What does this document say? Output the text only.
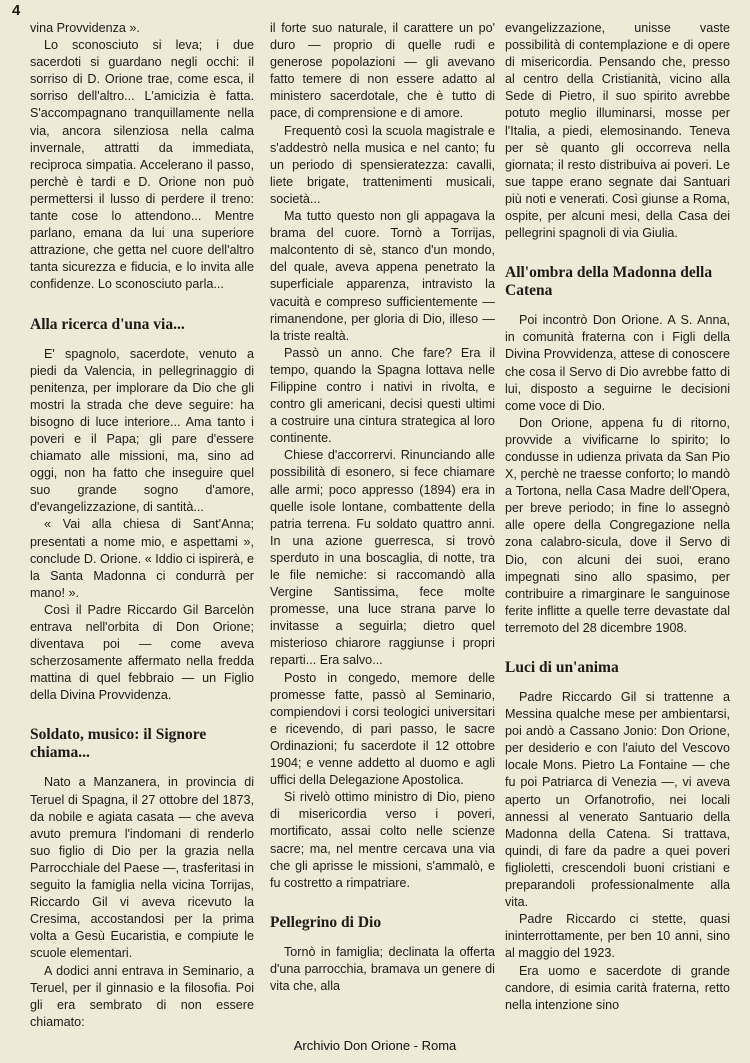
4

vina Provvidenza ».

Lo sconosciuto si leva; i due sacerdoti si guardano negli occhi: il sorriso di D. Orione trae, come esca, il sorriso dell'altro... L'amicizia è fatta. S'accompagnano tranquillamente nella via, ancora silenziosa nella calma invernale, attratti da immediata, reciproca simpatia. Accelerano il passo, perchè è tardi e D. Orione non può permettersi il lusso di perdere il treno: tante cose lo attendono... Mentre parlano, emana da lui una superiore attrazione, che getta nel cuore dell'altro tanta sicurezza e fiducia, e lo invita alle confidenze. Lo sconosciuto parla...

Alla ricerca d'una via...

E' spagnolo, sacerdote, venuto a piedi da Valencia, in pellegrinaggio di penitenza, per implorare da Dio che gli mostri la strada che deve seguire: ha bisogno di luce interiore... Ama tanto i poveri e il Papa; gli pare d'essere chiamato alle missioni, ma, sino ad oggi, non ha fatto che inseguire quel suo grande sogno d'amore, d'evangelizzazione, di santità...

« Vai alla chiesa di Sant'Anna; presentati a nome mio, e aspettami », conclude D. Orione. « Iddio ci ispirerà, e la Santa Madonna ci condurrà per mano! ».

Così il Padre Riccardo Gil Barcelòn entrava nell'orbita di Don Orione; diventava poi — come aveva scherzosamente affermato nella fredda mattina di quel febbraio — un Figlio della Divina Provvidenza.

Soldato, musico: il Signore chiama...

Nato a Manzanera, in provincia di Teruel di Spagna, il 27 ottobre del 1873, da nobile e agiata casata — che aveva avuto premura l'indomani di renderlo suo figlio di Dio per la grazia nella Parrocchiale del Paese —, trasferitasi in seguito la famiglia nella vicina Torrijas, Riccardo Gil vi aveva ricevuto la Cresima, accostandosi per la prima volta a Gesù Eucaristia, e compiute le scuole elementari.

A dodici anni entrava in Seminario, a Teruel, per il ginnasio e la filosofia. Poi gli era sembrato di non essere chiamato:

il forte suo naturale, il carattere un po' duro — proprio di quelle rudi e generose popolazioni — gli avevano fatto temere di non essere adatto al ministero sacerdotale, che è tutto di pace, di comprensione e di amore.

Frequentò così la scuola magistrale e s'addestrò nella musica e nel canto; fu un periodo di spensieratezza: cavalli, liete brigate, trattenimenti musicali, società...

Ma tutto questo non gli appagava la brama del cuore. Tornò a Torrijas, malcontento di sè, stanco d'un mondo, del quale, aveva appena penetrato la superficiale apparenza, intravisto la vacuità e compreso sufficientemente — rimanendone, per gloria di Dio, illeso — la triste realtà.

Passò un anno. Che fare? Era il tempo, quando la Spagna lottava nelle Filippine contro i nativi in rivolta, e contro gli americani, decisi questi ultimi a costruire una cintura strategica al loro continente.

Chiese d'accorrervi. Rinunciando alle possibilità di esonero, si fece chiamare alle armi; poco appresso (1894) era in quelle isole lontane, combattente della patria terrena. Fu soldato quattro anni. In una azione guerresca, si trovò sperduto in una boscaglia, di notte, tra le file nemiche: si raccomandò alla Vergine Santissima, fece molte promesse, una luce strana parve lo invitasse a seguirla; dietro quel misterioso chiarore raggiunse i propri reparti... Era salvo...

Posto in congedo, memore delle promesse fatte, passò al Seminario, compiendovi i corsi teologici universitari e ricevendo, di pari passo, le sacre Ordinazioni; fu sacerdote il 12 ottobre 1904; e venne addetto al duomo e agli uffici della Delegazione Apostolica.

Si rivelò ottimo ministro di Dio, pieno di misericordia verso i poveri, mortificato, assai colto nelle scienze sacre; ma, nel mentre cercava una via che gli aprisse le missioni, s'ammalò, e fu costretto a rimpatriare.

Pellegrino di Dio

Tornò in famiglia; declinata la offerta d'una parrocchia, bramava un genere di vita che, alla

evangelizzazione, unisse vaste possibilità di contemplazione e di opere di misericordia. Pensando che, presso al centro della Cristianità, vicino alla Sede di Pietro, il suo spirito avrebbe potuto meglio illuminarsi, mosse per l'Italia, a piedi, elemosinando. Teneva per sè quanto gli occorreva nella giornata; il resto distribuiva ai poveri. Le sue tappe erano segnate dai Santuari più noti e venerati. Così giunse a Roma, ospite, per alcuni mesi, della Casa dei pellegrini spagnoli di via Giulia.

All'ombra della Madonna della Catena

Poi incontrò Don Orione. A S. Anna, in comunità fraterna con i Figli della Divina Provvidenza, attese di conoscere che cosa il Servo di Dio avrebbe fatto di lui, disposto a seguirne le decisioni come voce di Dio.

Don Orione, appena fu di ritorno, provvide a vivificarne lo spirito; lo condusse in udienza privata da San Pio X, perchè ne traesse conforto; lo mandò a Tortona, nella Casa Madre dell'Opera, per breve periodo; in fine lo assegnò alle opere della Congregazione nella zona calabro-sicula, dove il Servo di Dio, con alcuni dei suoi, erano impegnati sino allo spasimo, per contribuire a rimarginare le sanguinose ferite inflitte a quelle terre devastate dal terremoto del 28 dicembre 1908.

Luci di un'anima

Padre Riccardo Gil si trattenne a Messina qualche mese per ambientarsi, poi andò a Cassano Jonio: Don Orione, per desiderio e con l'aiuto del Vescovo locale Mons. Pietro La Fontaine — che fu poi Patriarca di Venezia —, vi aveva aperto un Orfanotrofio, nei locali annessi al venerato Santuario della Madonna della Catena. Si trattava, quindi, di fare da padre a quei poveri figlioletti, crescendoli buoni cristiani e preparandoli professionalmente alla vita.

Padre Riccardo ci stette, quasi ininterrottamente, per ben 10 anni, sino al maggio del 1923.

Era uomo e sacerdote di grande candore, di esimia carità fraterna, retto nella intenzione sino

Archivio Don Orione - Roma
